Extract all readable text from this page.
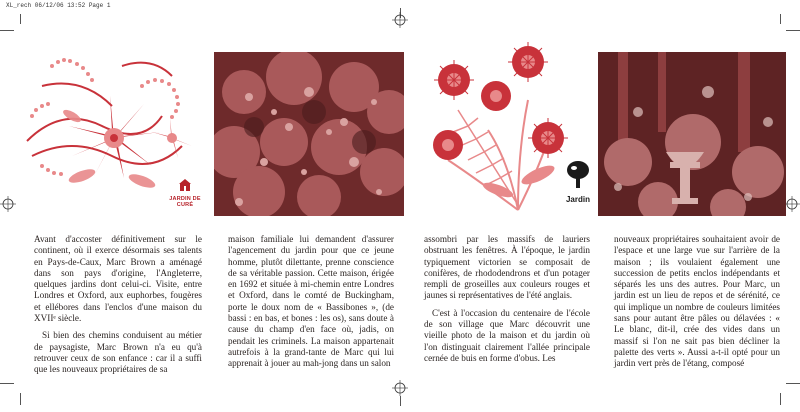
XL_rech 06/12/06 13:52 Page 1
JARDIN DE CURÉ
Jardin

Avant d'accoster définitivement sur le continent, où il exerce désormais ses talents en Pays-de-Caux, Marc Brown a aménagé dans son pays d'origine, l'Angleterre, quelques jardins dont celui-ci. Visite, entre Londres et Oxford, aux euphorbes, fougères et ellébores dans l'enclos d'une maison du XVIIᵉ siècle.

Si bien des chemins conduisent au métier de paysagiste, Marc Brown n'a eu qu'à retrouver ceux de son enfance : car il a suffi que les nouveaux propriétaires de sa

maison familiale lui demandent d'assurer l'agencement du jardin pour que ce jeune homme, plutôt dilettante, prenne conscience de sa véritable passion. Cette maison, érigée en 1692 et située à mi-chemin entre Londres et Oxford, dans le comté de Buckingham, porte le doux nom de « Bassibones », (de bassi : en bas, et bones : les os), sans doute à cause du champ d'en face où, jadis, on pendait les criminels. La maison appartenait autrefois à la grand-tante de Marc qui lui apprenait à jouer au mah-jong dans un salon

assombri par les massifs de lauriers obstruant les fenêtres. À l'époque, le jardin typiquement victorien se composait de conifères, de rhododendrons et d'un potager rempli de groseilles aux couleurs rouges et jaunes si représentatives de l'été anglais.

C'est à l'occasion du centenaire de l'école de son village que Marc découvrit une vieille photo de la maison et du jardin où l'on distinguait clairement l'allée principale cernée de buis en forme d'obus. Les

nouveaux propriétaires souhaitaient avoir de l'espace et une large vue sur l'arrière de la maison ; ils voulaient également une succession de petits enclos indépendants et séparés les uns des autres. Pour Marc, un jardin est un lieu de repos et de sérénité, ce qui implique un nombre de couleurs limitées sans pour autant être pâles ou délavées : « Le blanc, dit-il, crée des vides dans un massif si l'on ne sait pas bien décliner la palette des verts ». Aussi a-t-il opté pour un jardin vert près de l'étang, composé
